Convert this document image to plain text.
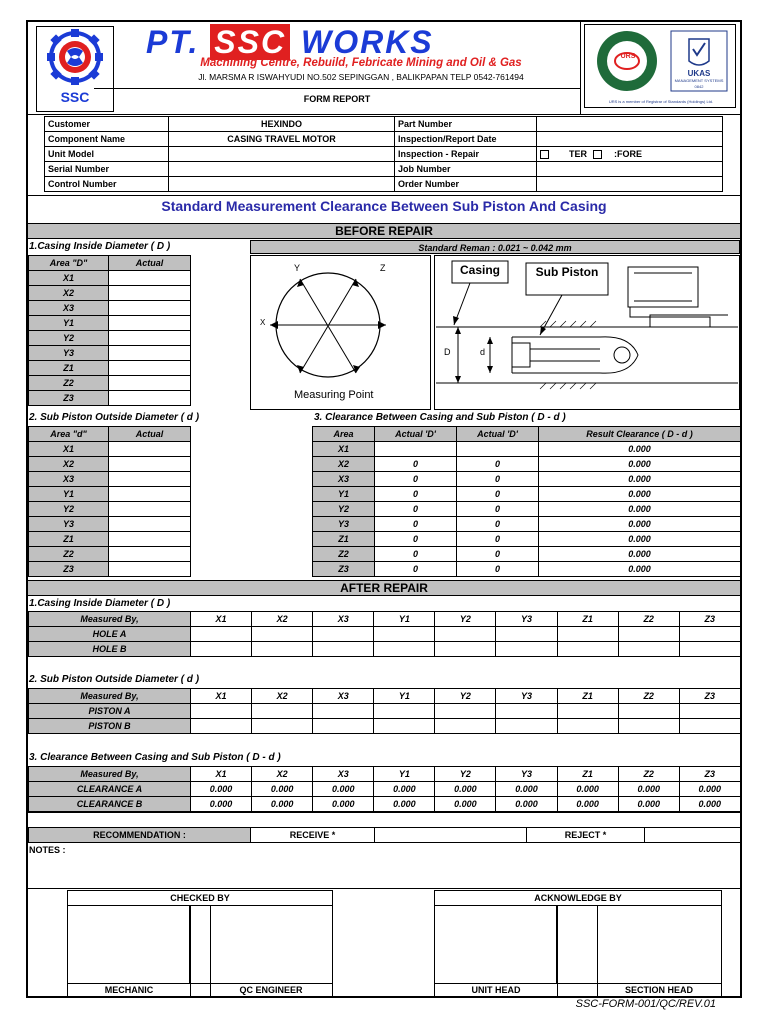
SSC
PT. SSC WORKS
Machining Centre, Rebuild, Febricate Mining and Oil & Gas
Jl. MARSMA R ISWAHYUDI NO.502 SEPINGGAN , BALIKPAPAN TELP 0542-761494
FORM REPORT
URS
UKAS
MANAGEMENT SYSTEMS
0842
URS is a member of Registrar of Standards (Holdings) Ltd.
Customer	HEXINDO	Part Number	
Component Name	CASING TRAVEL MOTOR	Inspection/Report Date	
Unit Model		Inspection - Repair	TER :FORE
Serial Number		Job Number	
Control Number		Order Number	
Standard Measurement Clearance Between Sub Piston And Casing
BEFORE REPAIR
1.Casing Inside Diameter ( D )	Standard Reman : 0.021 ~ 0.042 mm
Area "D"	Actual
X1	
X2	
X3	
Y1	
Y2	
Y3	
Z1	
Z2	
Z3	
Y	Z
X
Measuring Point
Casing	Sub Piston
D	d
2. Sub Piston Outside Diameter ( d )	3. Clearance Between Casing and Sub Piston ( D - d )
Area "d"	Actual
X1	
X2	
X3	
Y1	
Y2	
Y3	
Z1	
Z2	
Z3	
Area	Actual 'D'	Actual 'D'	Result Clearance ( D - d )
X1			0.000
X2	0	0	0.000
X3	0	0	0.000
Y1	0	0	0.000
Y2	0	0	0.000
Y3	0	0	0.000
Z1	0	0	0.000
Z2	0	0	0.000
Z3	0	0	0.000
AFTER REPAIR
1.Casing Inside Diameter ( D )
Measured By,	X1	X2	X3	Y1	Y2	Y3	Z1	Z2	Z3
HOLE A									
HOLE B									
2. Sub Piston Outside Diameter ( d )
Measured By,	X1	X2	X3	Y1	Y2	Y3	Z1	Z2	Z3
PISTON A									
PISTON B									
3. Clearance Between Casing and Sub Piston ( D - d )
Measured By,	X1	X2	X3	Y1	Y2	Y3	Z1	Z2	Z3
CLEARANCE A	0.000	0.000	0.000	0.000	0.000	0.000	0.000	0.000	0.000
CLEARANCE B	0.000	0.000	0.000	0.000	0.000	0.000	0.000	0.000	0.000
RECOMMENDATION :	RECEIVE *		REJECT *	
NOTES :
CHECKED BY
MECHANIC	QC ENGINEER
ACKNOWLEDGE BY
UNIT HEAD	SECTION HEAD
SSC-FORM-001/QC/REV.01
